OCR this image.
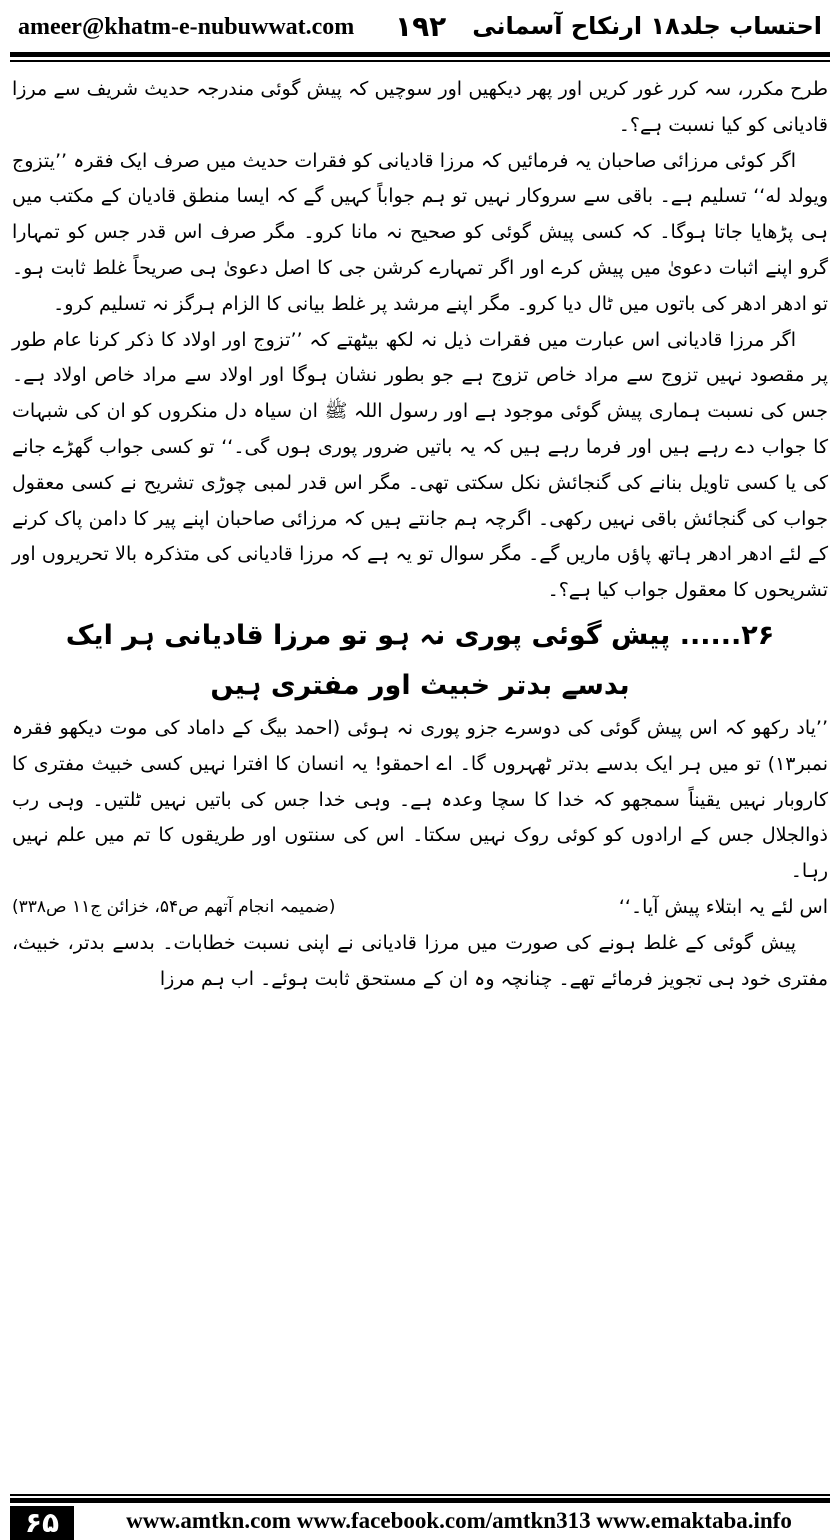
ameer@khatm-e-nubuwwat.com ۱۹۲ احتساب جلد۱۸ ارنکاح آسمانی

طرح مکرر، سہ کرر غور کریں اور پھر دیکھیں اور سوچیں کہ پیش گوئی مندرجہ حدیث شریف سے مرزا قادیانی کو کیا نسبت ہے؟۔

اگر کوئی مرزائی صاحبان یہ فرمائیں کہ مرزا قادیانی کو فقرات حدیث میں صرف ایک فقرہ ’’یتزوج ویولد له‘‘ تسلیم ہے۔ باقی سے سروکار نہیں تو ہم جواباً کہیں گے کہ ایسا منطق قادیان کے مکتب میں ہی پڑھایا جاتا ہوگا۔ کہ کسی پیش گوئی کو صحیح نہ مانا کرو۔ مگر صرف اس قدر جس کو تمہارا گرو اپنے اثبات دعویٰ میں پیش کرے اور اگر تمہارے کرشن جی کا اصل دعویٰ ہی صریحاً غلط ثابت ہو۔ تو ادھر ادھر کی باتوں میں ٹال دیا کرو۔ مگر اپنے مرشد پر غلط بیانی کا الزام ہرگز نہ تسلیم کرو۔

اگر مرزا قادیانی اس عبارت میں فقرات ذیل نہ لکھ بیٹھتے کہ ’’تزوج اور اولاد کا ذکر کرنا عام طور پر مقصود نہیں تزوج سے مراد خاص تزوج ہے جو بطور نشان ہوگا اور اولاد سے مراد خاص اولاد ہے۔ جس کی نسبت ہماری پیش گوئی موجود ہے اور رسول اللہ ﷺ ان سیاہ دل منکروں کو ان کی شبہات کا جواب دے رہے ہیں اور فرما رہے ہیں کہ یہ باتیں ضرور پوری ہوں گی۔‘‘ تو کسی جواب گھڑے جانے کی یا کسی تاویل بنانے کی گنجائش نکل سکتی تھی۔ مگر اس قدر لمبی چوڑی تشریح نے کسی معقول جواب کی گنجائش باقی نہیں رکھی۔ اگرچہ ہم جانتے ہیں کہ مرزائی صاحبان اپنے پیر کا دامن پاک کرنے کے لئے ادھر ادھر ہاتھ پاؤں ماریں گے۔ مگر سوال تو یہ ہے کہ مرزا قادیانی کی متذکرہ بالا تحریروں اور تشریحوں کا معقول جواب کیا ہے؟۔

۲۶...... پیش گوئی پوری نہ ہو تو مرزا قادیانی ہر ایک
بدسے بدتر خبیث اور مفتری ہیں

’’یاد رکھو کہ اس پیش گوئی کی دوسرے جزو پوری نہ ہوئی (احمد بیگ کے داماد کی موت دیکھو فقرہ نمبر۱۳) تو میں ہر ایک بدسے بدتر ٹھہروں گا۔ اے احمقو! یہ انسان کا افترا نہیں کسی خبیث مفتری کا کاروبار نہیں یقیناً سمجھو کہ خدا کا سچا وعدہ ہے۔ وہی خدا جس کی باتیں نہیں ٹلتیں۔ وہی رب ذوالجلال جس کے ارادوں کو کوئی روک نہیں سکتا۔ اس کی سنتوں اور طریقوں کا تم میں علم نہیں رہا۔

اس لئے یہ ابتلاء پیش آیا۔‘‘
(ضمیمہ انجام آتھم ص۵۴، خزائن ج۱۱ ص۳۳۸)

پیش گوئی کے غلط ہونے کی صورت میں مرزا قادیانی نے اپنی نسبت خطابات۔ بدسے بدتر، خبیث، مفتری خود ہی تجویز فرمائے تھے۔ چنانچہ وہ ان کے مستحق ثابت ہوئے۔ اب ہم مرزا

۶۵	www.amtkn.com www.facebook.com/amtkn313 www.emaktaba.info
